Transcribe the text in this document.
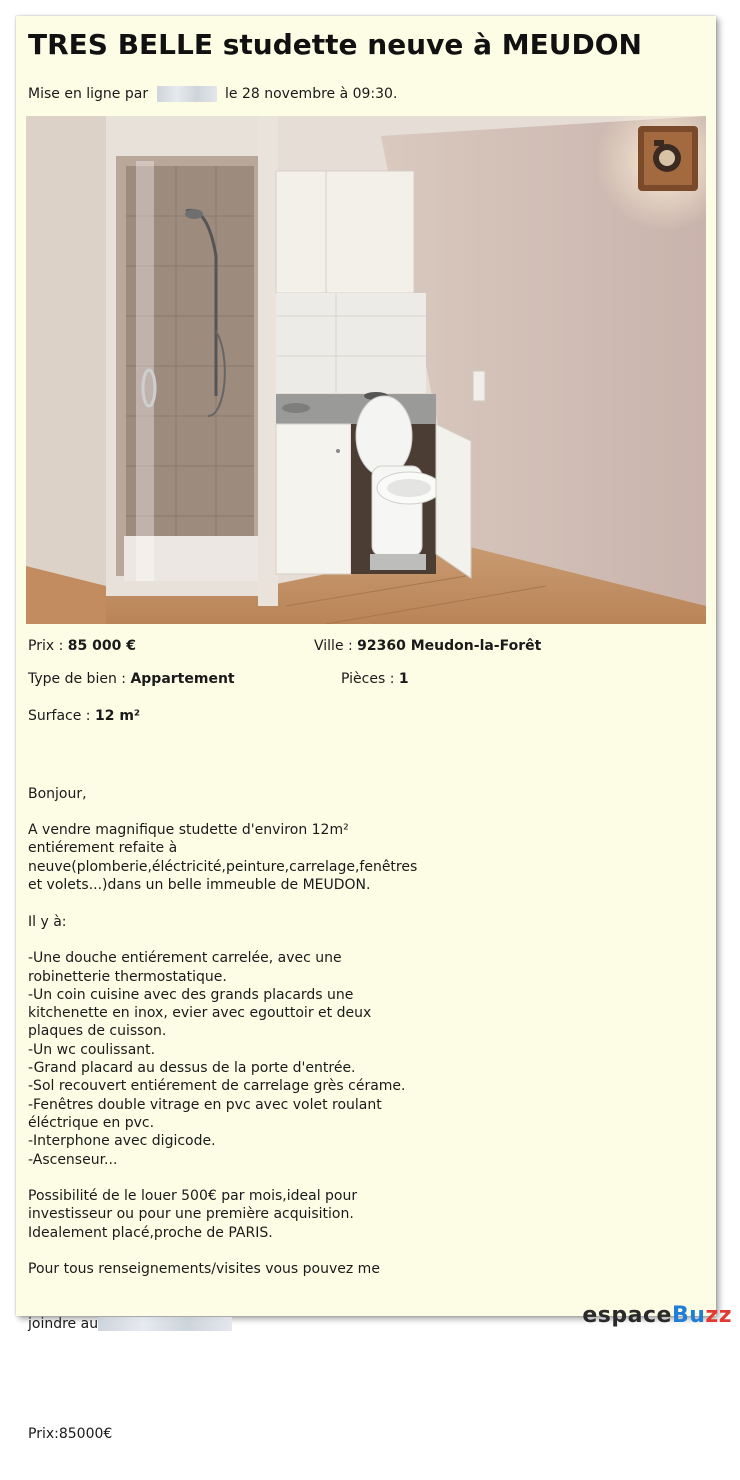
TRES BELLE studette neuve à MEUDON
Mise en ligne par	le 28 novembre à 09:30.
Prix : 85 000 €	Ville : 92360 Meudon-la-Forêt
Type de bien : Appartement	Pièces : 1
Surface : 12 m²

Bonjour,

A vendre magnifique studette d'environ 12m²
entiérement refaite à
neuve(plomberie,éléctricité,peinture,carrelage,fenêtres
et volets...)dans un belle immeuble de MEUDON.

Il y à:

-Une douche entiérement carrelée, avec une
robinetterie thermostatique.
-Un coin cuisine avec des grands placards une
kitchenette en inox, evier avec egouttoir et deux
plaques de cuisson.
-Un wc coulissant.
-Grand placard au dessus de la porte d'entrée.
-Sol recouvert entiérement de carrelage grès cérame.
-Fenêtres double vitrage en pvc avec volet roulant
éléctrique en pvc.
-Interphone avec digicode.
-Ascenseur...

Possibilité de le louer 500€ par mois,ideal pour
investisseur ou pour une première acquisition.
Idealement placé,proche de PARIS.

Pour tous renseignements/visites vous pouvez me

joindre au

Prix:85000€

espaceBuzz
